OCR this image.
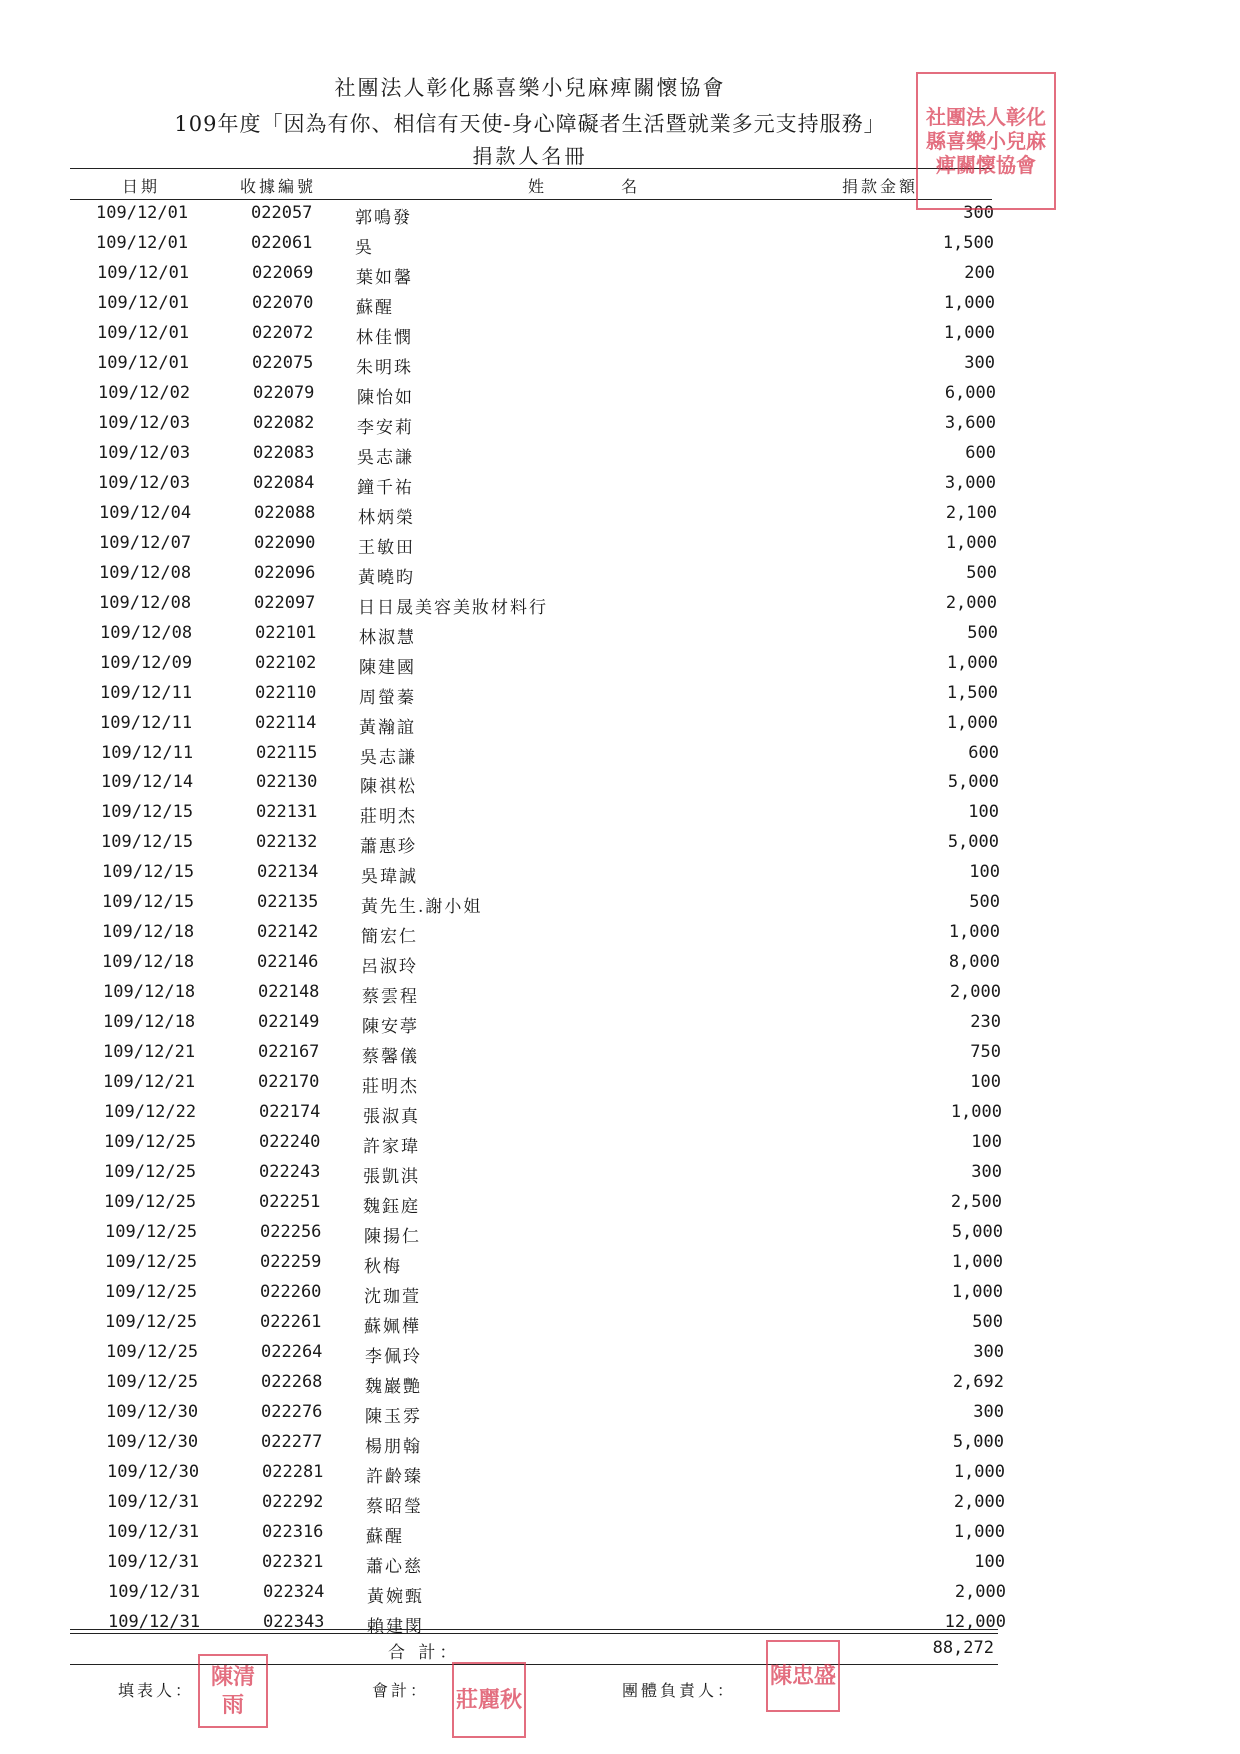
社團法人彰化縣喜樂小兒麻痺關懷協會
109年度「因為有你、相信有天使-身心障礙者生活暨就業多元支持服務」
捐款人名冊
日期	收據編號	姓 名	捐款金額
109/12/01	022057	郭鳴發	300
109/12/01	022061	吳	1,500
109/12/01	022069	葉如馨	200
109/12/01	022070	蘇醒	1,000
109/12/01	022072	林佳憫	1,000
109/12/01	022075	朱明珠	300
109/12/02	022079	陳怡如	6,000
109/12/03	022082	李安莉	3,600
109/12/03	022083	吳志謙	600
109/12/03	022084	鐘千祐	3,000
109/12/04	022088	林炳榮	2,100
109/12/07	022090	王敏田	1,000
109/12/08	022096	黃曉昀	500
109/12/08	022097	日日晟美容美妝材料行	2,000
109/12/08	022101	林淑慧	500
109/12/09	022102	陳建國	1,000
109/12/11	022110	周螢蓁	1,500
109/12/11	022114	黃瀚誼	1,000
109/12/11	022115	吳志謙	600
109/12/14	022130	陳祺松	5,000
109/12/15	022131	莊明杰	100
109/12/15	022132	蕭惠珍	5,000
109/12/15	022134	吳瑋誠	100
109/12/15	022135	黃先生.謝小姐	500
109/12/18	022142	簡宏仁	1,000
109/12/18	022146	呂淑玲	8,000
109/12/18	022148	蔡雲程	2,000
109/12/18	022149	陳安葶	230
109/12/21	022167	蔡馨儀	750
109/12/21	022170	莊明杰	100
109/12/22	022174	張淑真	1,000
109/12/25	022240	許家瑋	100
109/12/25	022243	張凱淇	300
109/12/25	022251	魏鈺庭	2,500
109/12/25	022256	陳揚仁	5,000
109/12/25	022259	秋梅	1,000
109/12/25	022260	沈珈萱	1,000
109/12/25	022261	蘇姵樺	500
109/12/25	022264	李佩玲	300
109/12/25	022268	魏巖艷	2,692
109/12/30	022276	陳玉雰	300
109/12/30	022277	楊朋翰	5,000
109/12/30	022281	許齡臻	1,000
109/12/31	022292	蔡昭瑩	2,000
109/12/31	022316	蘇醒	1,000
109/12/31	022321	蕭心慈	100
109/12/31	022324	黃婉甄	2,000
109/12/31	022343	賴建閔	12,000
合 計：	88,272
填表人：	會計：	團體負責人：
社團法人彰化縣喜樂小兒麻痺關懷協會
陳清雨	莊麗秋
陳忠盛
